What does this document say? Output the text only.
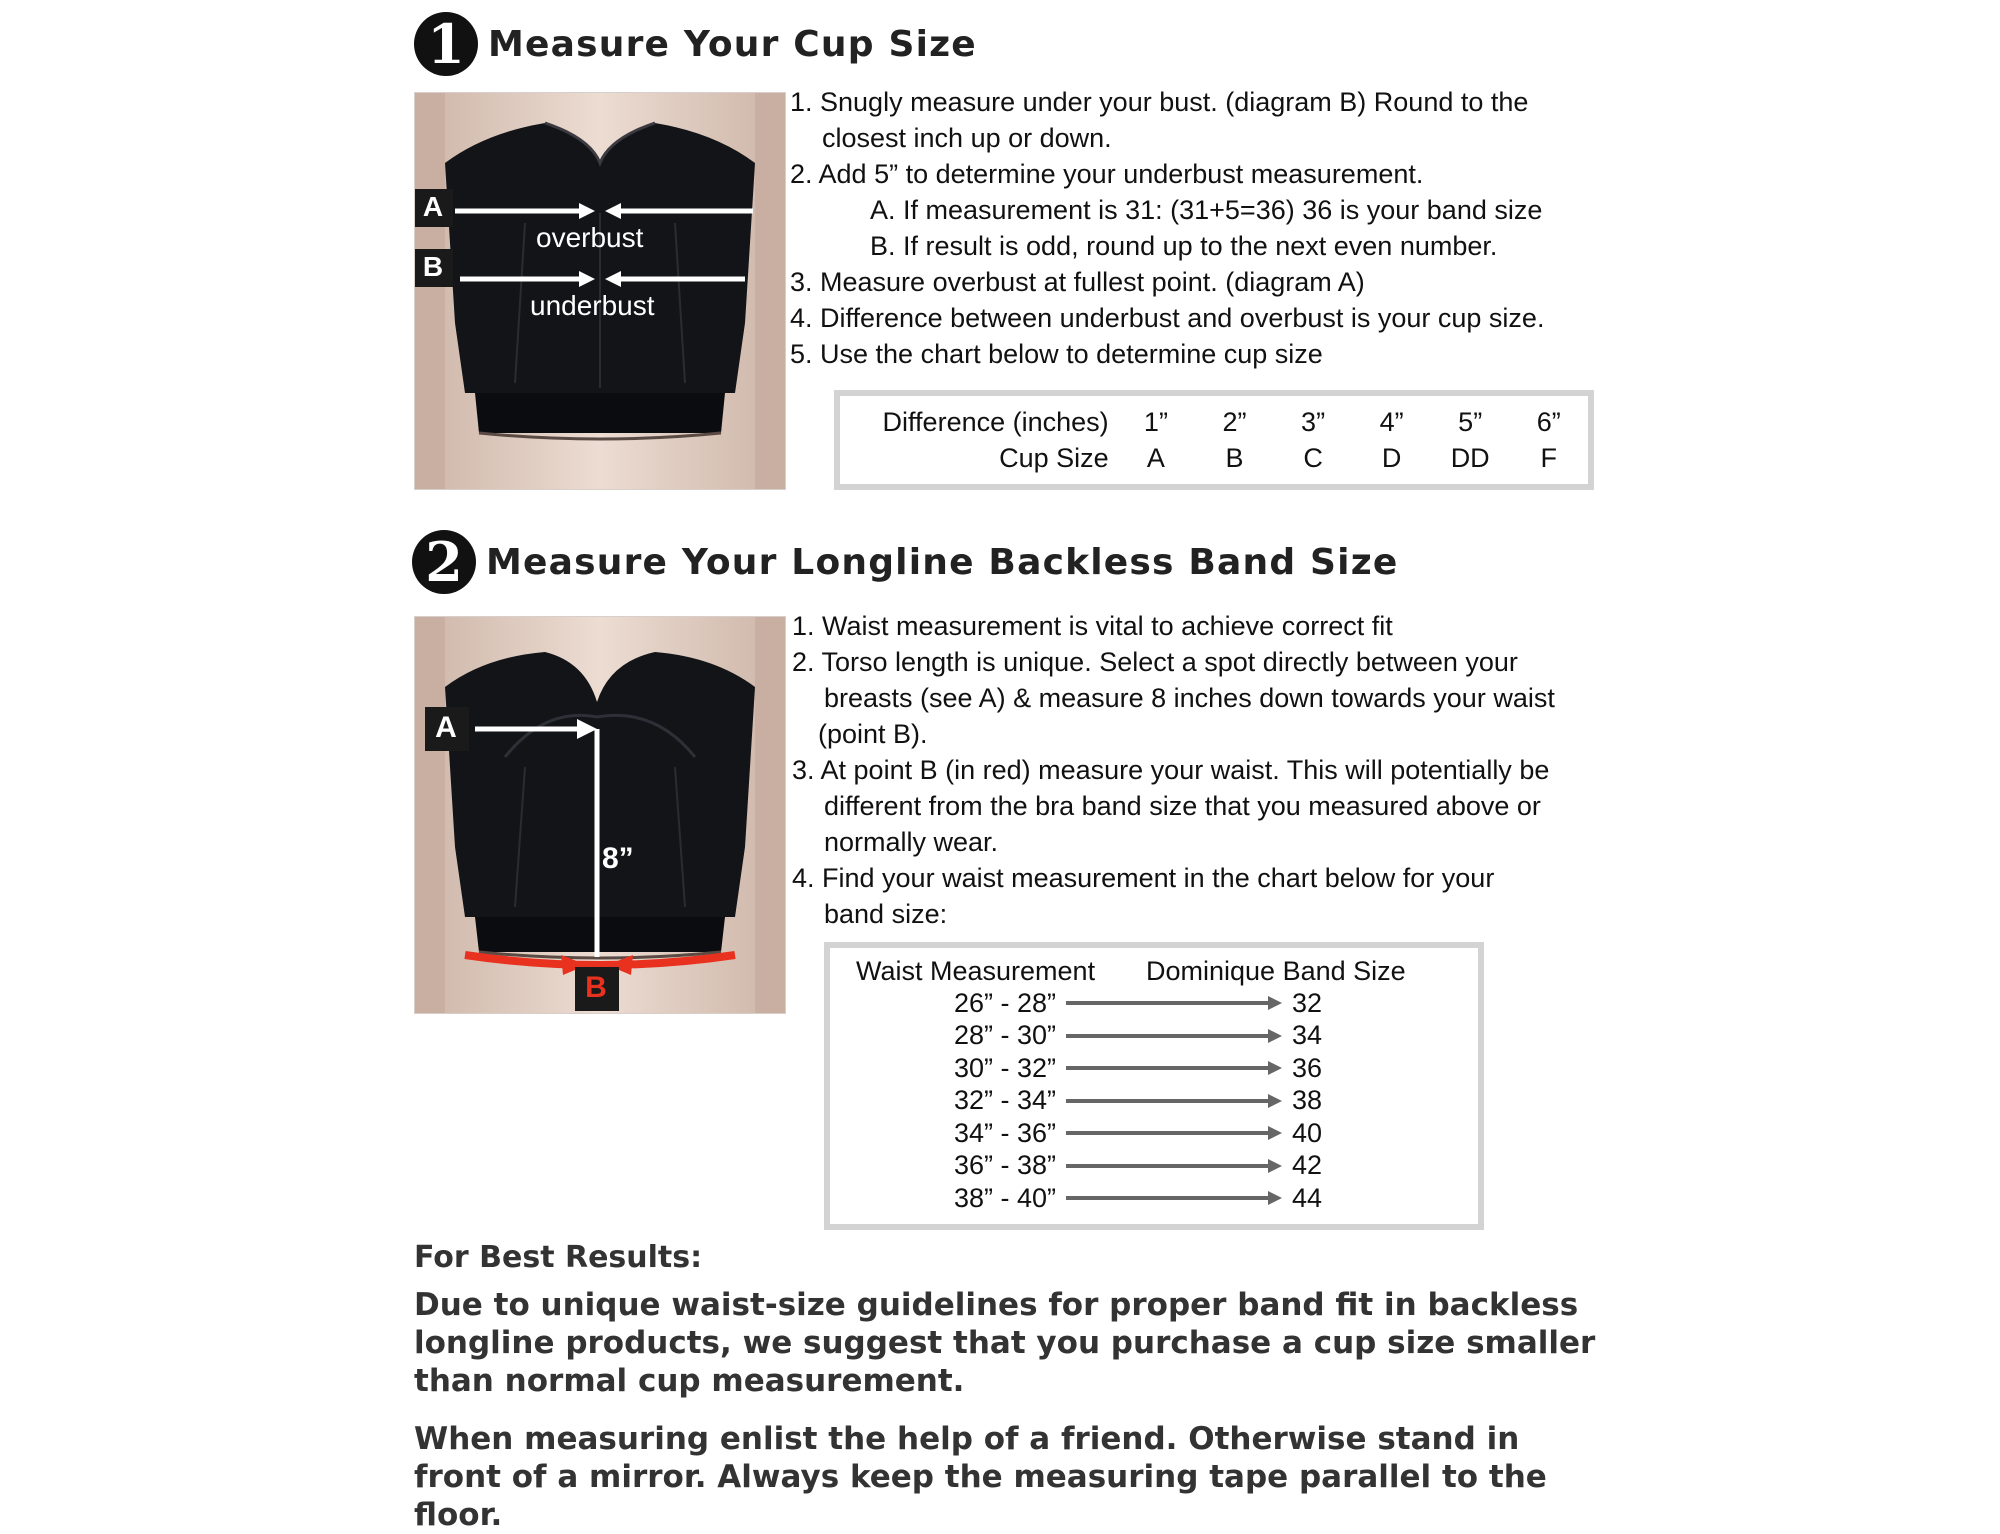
1 Measure Your Cup Size
A
B
overbust
underbust
1. Snugly measure under your bust. (diagram B) Round to the
closest inch up or down.
2. Add 5” to determine your underbust measurement.
A. If measurement is 31: (31+5=36) 36 is your band size
B. If result is odd, round up to the next even number.
3. Measure overbust at fullest point. (diagram A)
4. Difference between underbust and overbust is your cup size.
5. Use the chart below to determine cup size
Difference (inches)	1”	2”	3”	4”	5”	6”
Cup Size	A	B	C	D	DD	F
2 Measure Your Longline Backless Band Size
A
B
8”
1. Waist measurement is vital to achieve correct fit
2. Torso length is unique. Select a spot directly between your
breasts (see A) & measure 8 inches down towards your waist
(point B).
3. At point B (in red) measure your waist. This will potentially be
different from the bra band size that you measured above or
normally wear.
4. Find your waist measurement in the chart below for your
band size:
Waist Measurement	Dominique Band Size
26” - 28”	32
28” - 30”	34
30” - 32”	36
32” - 34”	38
34” - 36”	40
36” - 38”	42
38” - 40”	44
For Best Results:
Due to unique waist-size guidelines for proper band fit in backless longline products, we suggest that you purchase a cup size smaller than normal cup measurement.
When measuring enlist the help of a friend. Otherwise stand in front of a mirror. Always keep the measuring tape parallel to the floor.
